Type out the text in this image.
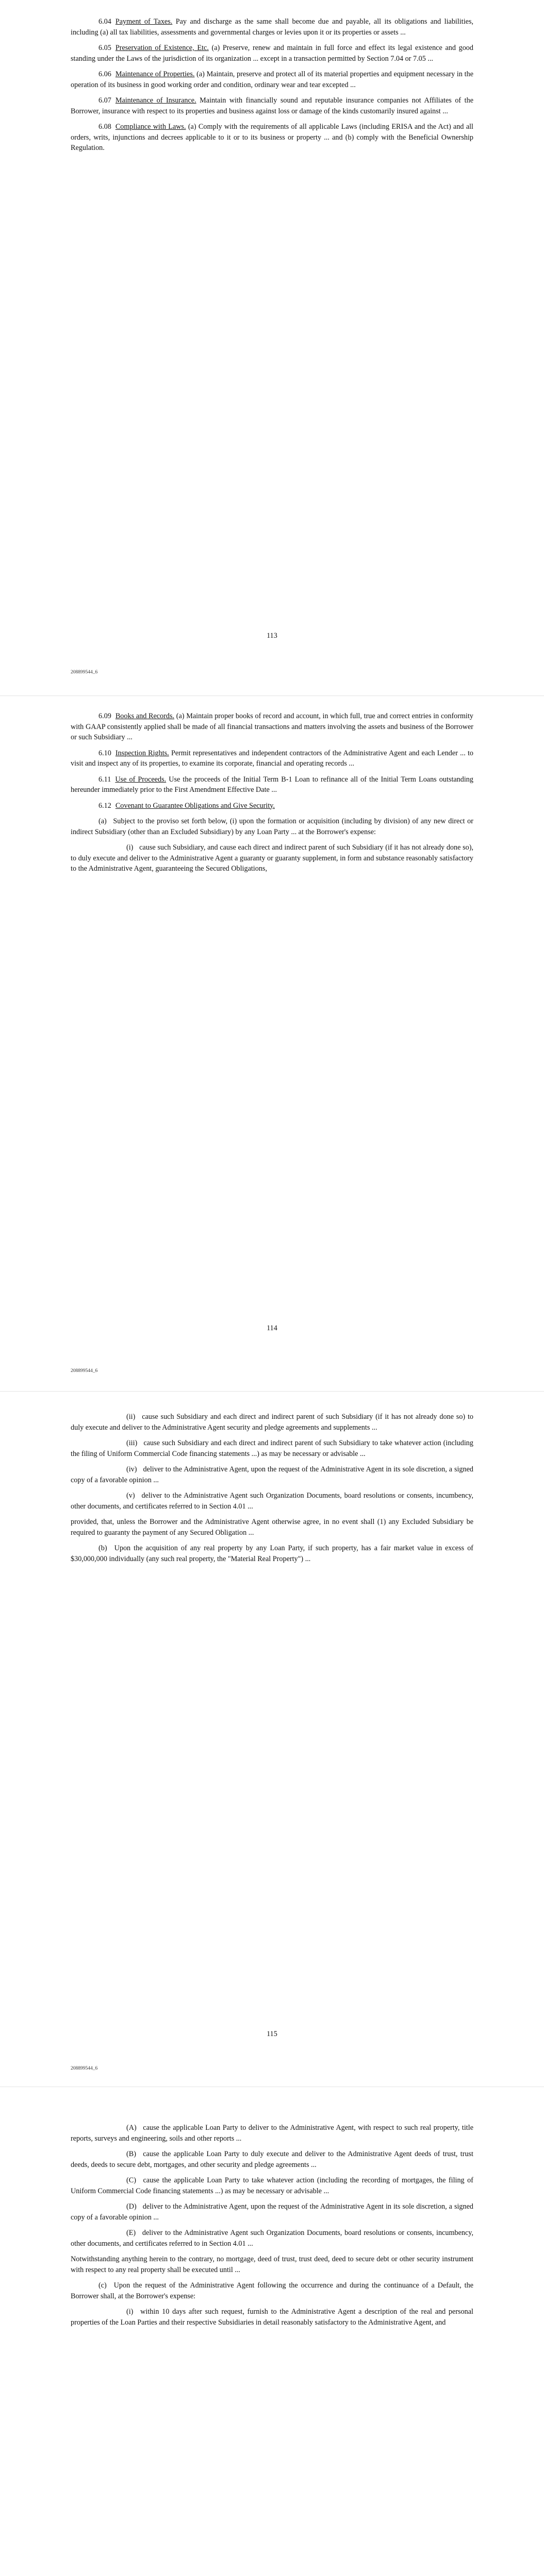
6.04 Payment of Taxes. Pay and discharge as the same shall become due and payable, all its obligations and liabilities, including (a) all tax liabilities, assessments and governmental charges or levies upon it or its properties or assets ...

6.05 Preservation of Existence, Etc. (a) Preserve, renew and maintain in full force and effect its legal existence and good standing under the Laws of the jurisdiction of its organization ... except in a transaction permitted by Section 7.04 or 7.05 ...

6.06 Maintenance of Properties. (a) Maintain, preserve and protect all of its material properties and equipment necessary in the operation of its business in good working order and condition, ordinary wear and tear excepted ...

6.07 Maintenance of Insurance. Maintain with financially sound and reputable insurance companies not Affiliates of the Borrower, insurance with respect to its properties and business against loss or damage of the kinds customarily insured against ...

6.08 Compliance with Laws. (a) Comply with the requirements of all applicable Laws (including ERISA and the Act) and all orders, writs, injunctions and decrees applicable to it or to its business or property ... and (b) comply with the Beneficial Ownership Regulation.

113
208899544_6

6.09 Books and Records. (a) Maintain proper books of record and account, in which full, true and correct entries in conformity with GAAP consistently applied shall be made of all financial transactions and matters involving the assets and business of the Borrower or such Subsidiary ...

6.10 Inspection Rights. Permit representatives and independent contractors of the Administrative Agent and each Lender ... to visit and inspect any of its properties, to examine its corporate, financial and operating records ...

6.11 Use of Proceeds. Use the proceeds of the Initial Term B-1 Loan to refinance all of the Initial Term Loans outstanding hereunder immediately prior to the First Amendment Effective Date ...

6.12 Covenant to Guarantee Obligations and Give Security.

(a) Subject to the proviso set forth below, (i) upon the formation or acquisition (including by division) of any new direct or indirect Subsidiary (other than an Excluded Subsidiary) by any Loan Party ... at the Borrower's expense:

(i) cause such Subsidiary, and cause each direct and indirect parent of such Subsidiary (if it has not already done so), to duly execute and deliver to the Administrative Agent a guaranty or guaranty supplement, in form and substance reasonably satisfactory to the Administrative Agent, guaranteeing the Secured Obligations,

114
208899544_6

(ii) cause such Subsidiary and each direct and indirect parent of such Subsidiary (if it has not already done so) to duly execute and deliver to the Administrative Agent security and pledge agreements and supplements ...

(iii) cause such Subsidiary and each direct and indirect parent of such Subsidiary to take whatever action (including the filing of Uniform Commercial Code financing statements ...) as may be necessary or advisable ...

(iv) deliver to the Administrative Agent, upon the request of the Administrative Agent in its sole discretion, a signed copy of a favorable opinion ...

(v) deliver to the Administrative Agent such Organization Documents, board resolutions or consents, incumbency, other documents, and certificates referred to in Section 4.01 ...

provided, that, unless the Borrower and the Administrative Agent otherwise agree, in no event shall (1) any Excluded Subsidiary be required to guaranty the payment of any Secured Obligation ...

(b) Upon the acquisition of any real property by any Loan Party, if such property, has a fair market value in excess of $30,000,000 individually (any such real property, the "Material Real Property") ...

115
208899544_6

(A) cause the applicable Loan Party to deliver to the Administrative Agent, with respect to such real property, title reports, surveys and engineering, soils and other reports ...

(B) cause the applicable Loan Party to duly execute and deliver to the Administrative Agent deeds of trust, trust deeds, deeds to secure debt, mortgages, and other security and pledge agreements ...

(C) cause the applicable Loan Party to take whatever action (including the recording of mortgages, the filing of Uniform Commercial Code financing statements ...) as may be necessary or advisable ...

(D) deliver to the Administrative Agent, upon the request of the Administrative Agent in its sole discretion, a signed copy of a favorable opinion ...

(E) deliver to the Administrative Agent such Organization Documents, board resolutions or consents, incumbency, other documents, and certificates referred to in Section 4.01 ...

Notwithstanding anything herein to the contrary, no mortgage, deed of trust, trust deed, deed to secure debt or other security instrument with respect to any real property shall be executed until ...

(c) Upon the request of the Administrative Agent following the occurrence and during the continuance of a Default, the Borrower shall, at the Borrower's expense:

(i) within 10 days after such request, furnish to the Administrative Agent a description of the real and personal properties of the Loan Parties and their respective Subsidiaries in detail reasonably satisfactory to the Administrative Agent, and
